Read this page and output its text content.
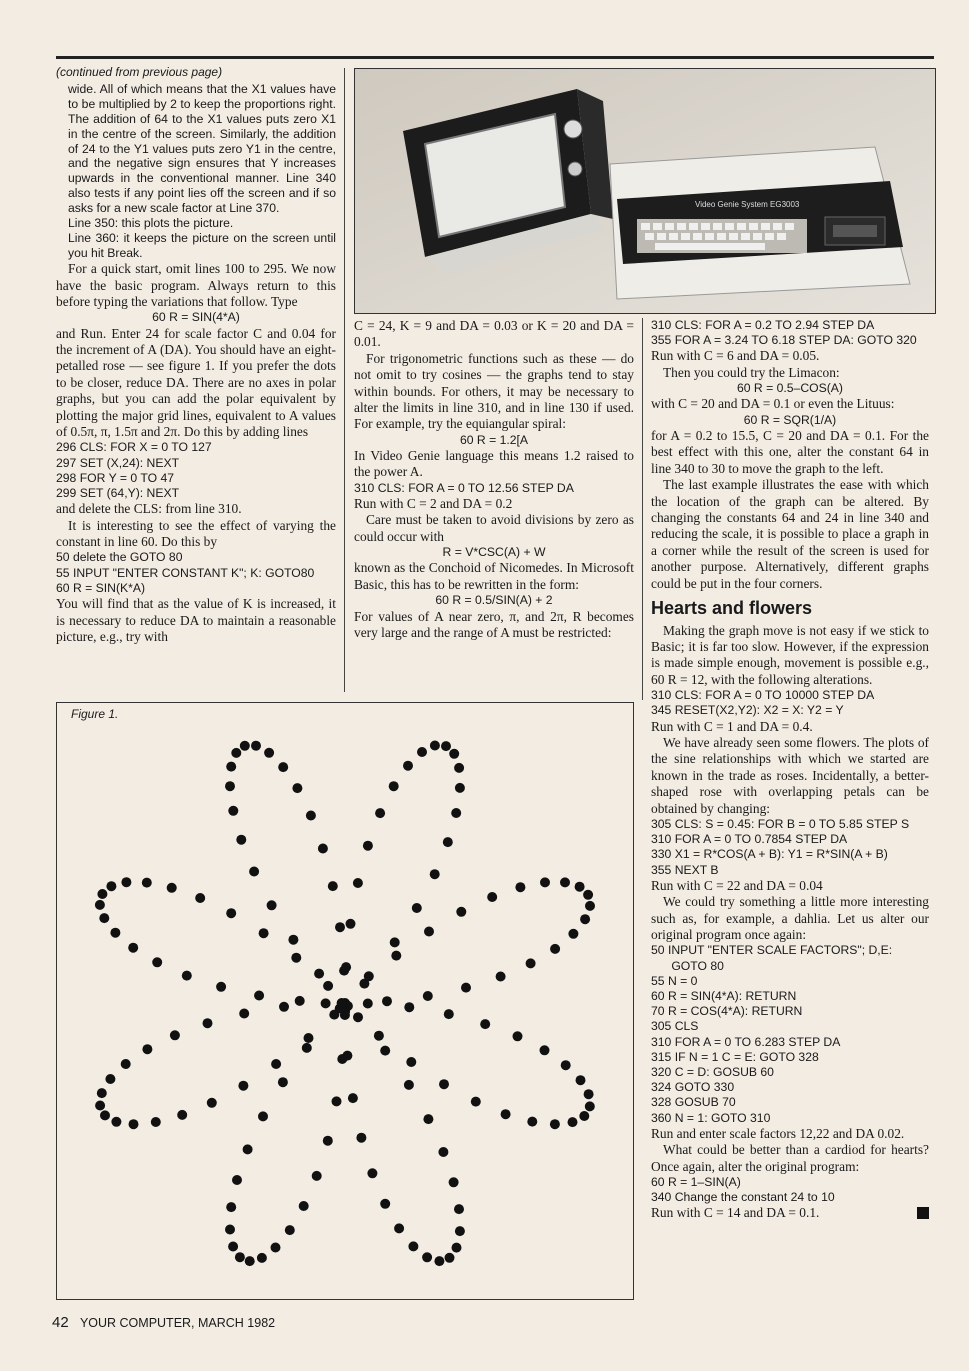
(continued from previous page)

wide. All of which means that the X1 values have to be multiplied by 2 to keep the proportions right. The addition of 64 to the X1 values puts zero X1 in the centre of the screen. Similarly, the addition of 24 to the Y1 values puts zero Y1 in the centre, and the negative sign ensures that Y increases upwards in the conventional manner. Line 340 also tests if any point lies off the screen and if so asks for a new scale factor at Line 370.

Line 350: this plots the picture.

Line 360: it keeps the picture on the screen until you hit Break.

For a quick start, omit lines 100 to 295. We now have the basic program. Always return to this before typing the variations that follow. Type

60 R = SIN(4*A)

and Run. Enter 24 for scale factor C and 0.04 for the increment of A (DA). You should have an eight-petalled rose — see figure 1. If you prefer the dots to be closer, reduce DA. There are no axes in polar graphs, but you can add the polar equivalent by plotting the major grid lines, equivalent to A values of 0.5π, π, 1.5π and 2π. Do this by adding lines

296 CLS: FOR X = 0 TO 127
297 SET (X,24): NEXT
298 FOR Y = 0 TO 47
299 SET (64,Y): NEXT

and delete the CLS: from line 310.

It is interesting to see the effect of varying the constant in line 60. Do this by

50 delete the GOTO 80
55 INPUT "ENTER CONSTANT K"; K: GOTO80
60 R = SIN(K*A)

You will find that as the value of K is increased, it is necessary to reduce DA to maintain a reasonable picture, e.g., try with

Video Genie System EG3003

C = 24, K = 9 and DA = 0.03 or K = 20 and DA = 0.01.

For trigonometric functions such as these — do not omit to try cosines — the graphs tend to stay within bounds. For others, it may be necessary to alter the limits in line 310, and in line 130 if used. For example, try the equiangular spiral:

60 R = 1.2[A

In Video Genie language this means 1.2 raised to the power A.

310 CLS: FOR A = 0 TO 12.56 STEP DA

Run with C = 2 and DA = 0.2

Care must be taken to avoid divisions by zero as could occur with

R = V*CSC(A) + W

known as the Conchoid of Nicomedes. In Microsoft Basic, this has to be rewritten in the form:

60 R = 0.5/SIN(A) + 2

For values of A near zero, π, and 2π, R becomes very large and the range of A must be restricted:

310 CLS: FOR A = 0.2 TO 2.94 STEP DA
355 FOR A = 3.24 TO 6.18 STEP DA: GOTO 320

Run with C = 6 and DA = 0.05.

Then you could try the Limacon:

60 R = 0.5–COS(A)

with C = 20 and DA = 0.1 or even the Lituus:

60 R = SQR(1/A)

for A = 0.2 to 15.5, C = 20 and DA = 0.1. For the best effect with this one, alter the constant 64 in line 340 to 30 to move the graph to the left.

The last example illustrates the ease with which the location of the graph can be altered. By changing the constants 64 and 24 in line 340 and reducing the scale, it is possible to place a graph in a corner while the result of the screen is used for another purpose. Alternatively, different graphs could be put in the four corners.

Hearts and flowers

Making the graph move is not easy if we stick to Basic; it is far too slow. However, if the expression is made simple enough, movement is possible e.g., 60 R = 12, with the following alterations.

310 CLS: FOR A = 0 TO 10000 STEP DA
345 RESET(X2,Y2): X2 = X: Y2 = Y

Run with C = 1 and DA = 0.4.

We have already seen some flowers. The plots of the sine relationships with which we started are known in the trade as roses. Incidentally, a better-shaped rose with overlapping petals can be obtained by changing:

305 CLS: S = 0.45: FOR B = 0 TO 5.85 STEP S
310 FOR A = 0 TO 0.7854 STEP DA
330 X1 = R*COS(A + B): Y1 = R*SIN(A + B)
355 NEXT B

Run with C = 22 and DA = 0.04

We could try something a little more interesting such as, for example, a dahlia. Let us alter our original program once again:

50 INPUT "ENTER SCALE FACTORS"; D,E:
GOTO 80
55 N = 0
60 R = SIN(4*A): RETURN
70 R = COS(4*A): RETURN
305 CLS
310 FOR A = 0 TO 6.283 STEP DA
315 IF N = 1 C = E: GOTO 328
320 C = D: GOSUB 60
324 GOTO 330
328 GOSUB 70
360 N = 1: GOTO 310

Run and enter scale factors 12,22 and DA 0.02.

What could be better than a cardiod for hearts? Once again, alter the original program:

60 R = 1–SIN(A)
340 Change the constant 24 to 10

Run with C = 14 and DA = 0.1.

Figure 1.
42 YOUR COMPUTER, MARCH 1982
